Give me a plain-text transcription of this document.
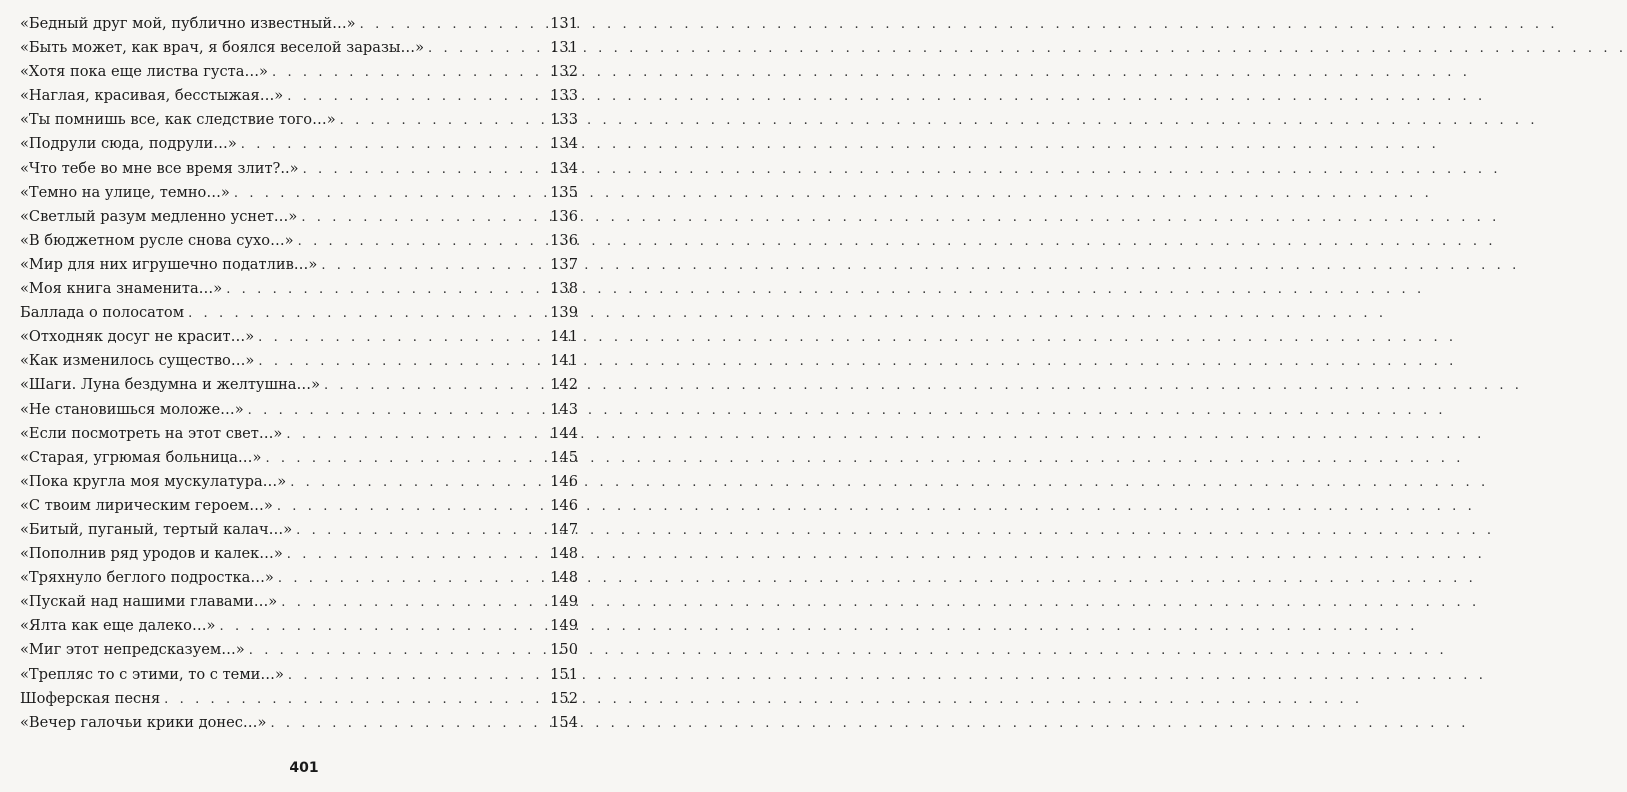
«Бедный друг мой, публично известный…» . . .	131
«Быть может, как врач, я боялся веселой заразы…» . . .	131
«Хотя пока еще листва густа…» . . .	132
«Наглая, красивая, бесстыжая…» . . .	133
«Ты помнишь все, как следствие того…» . . .	133
«Подрули сюда, подрули…» . . .	134
«Что тебе во мне все время злит?..» . . .	134
«Темно на улице, темно…» . . .	135
«Светлый разум медленно уснет…» . . .	136
«В бюджетном русле снова сухо…» . . .	136
«Мир для них игрушечно податлив…» . . .	137
«Моя книга знаменита…» . . .	138
Баллада о полосатом . . .	139
«Отходняк досуг не красит…» . . .	141
«Как изменилось существо…» . . .	141
«Шаги. Луна бездумна и желтушна…» . . .	142
«Не становишься моложе…» . . .	143
«Если посмотреть на этот свет…» . . .	144
«Старая, угрюмая больница…» . . .	145
«Пока кругла моя мускулатура…» . . .	146
«С твоим лирическим героем…» . . .	146
«Битый, пуганый, тертый калач…» . . .	147
«Пополнив ряд уродов и калек…» . . .	148
«Тряхнуло беглого подростка…» . . .	148
«Пускай над нашими главами…» . . .	149
«Ялта как еще далеко…» . . .	149
«Миг этот непредсказуем…» . . .	150
«Трепляс то с этими, то с теми…» . . .	151
Шоферская песня . . .	152
«Вечер галочьи крики донес…» . . .	154
401
